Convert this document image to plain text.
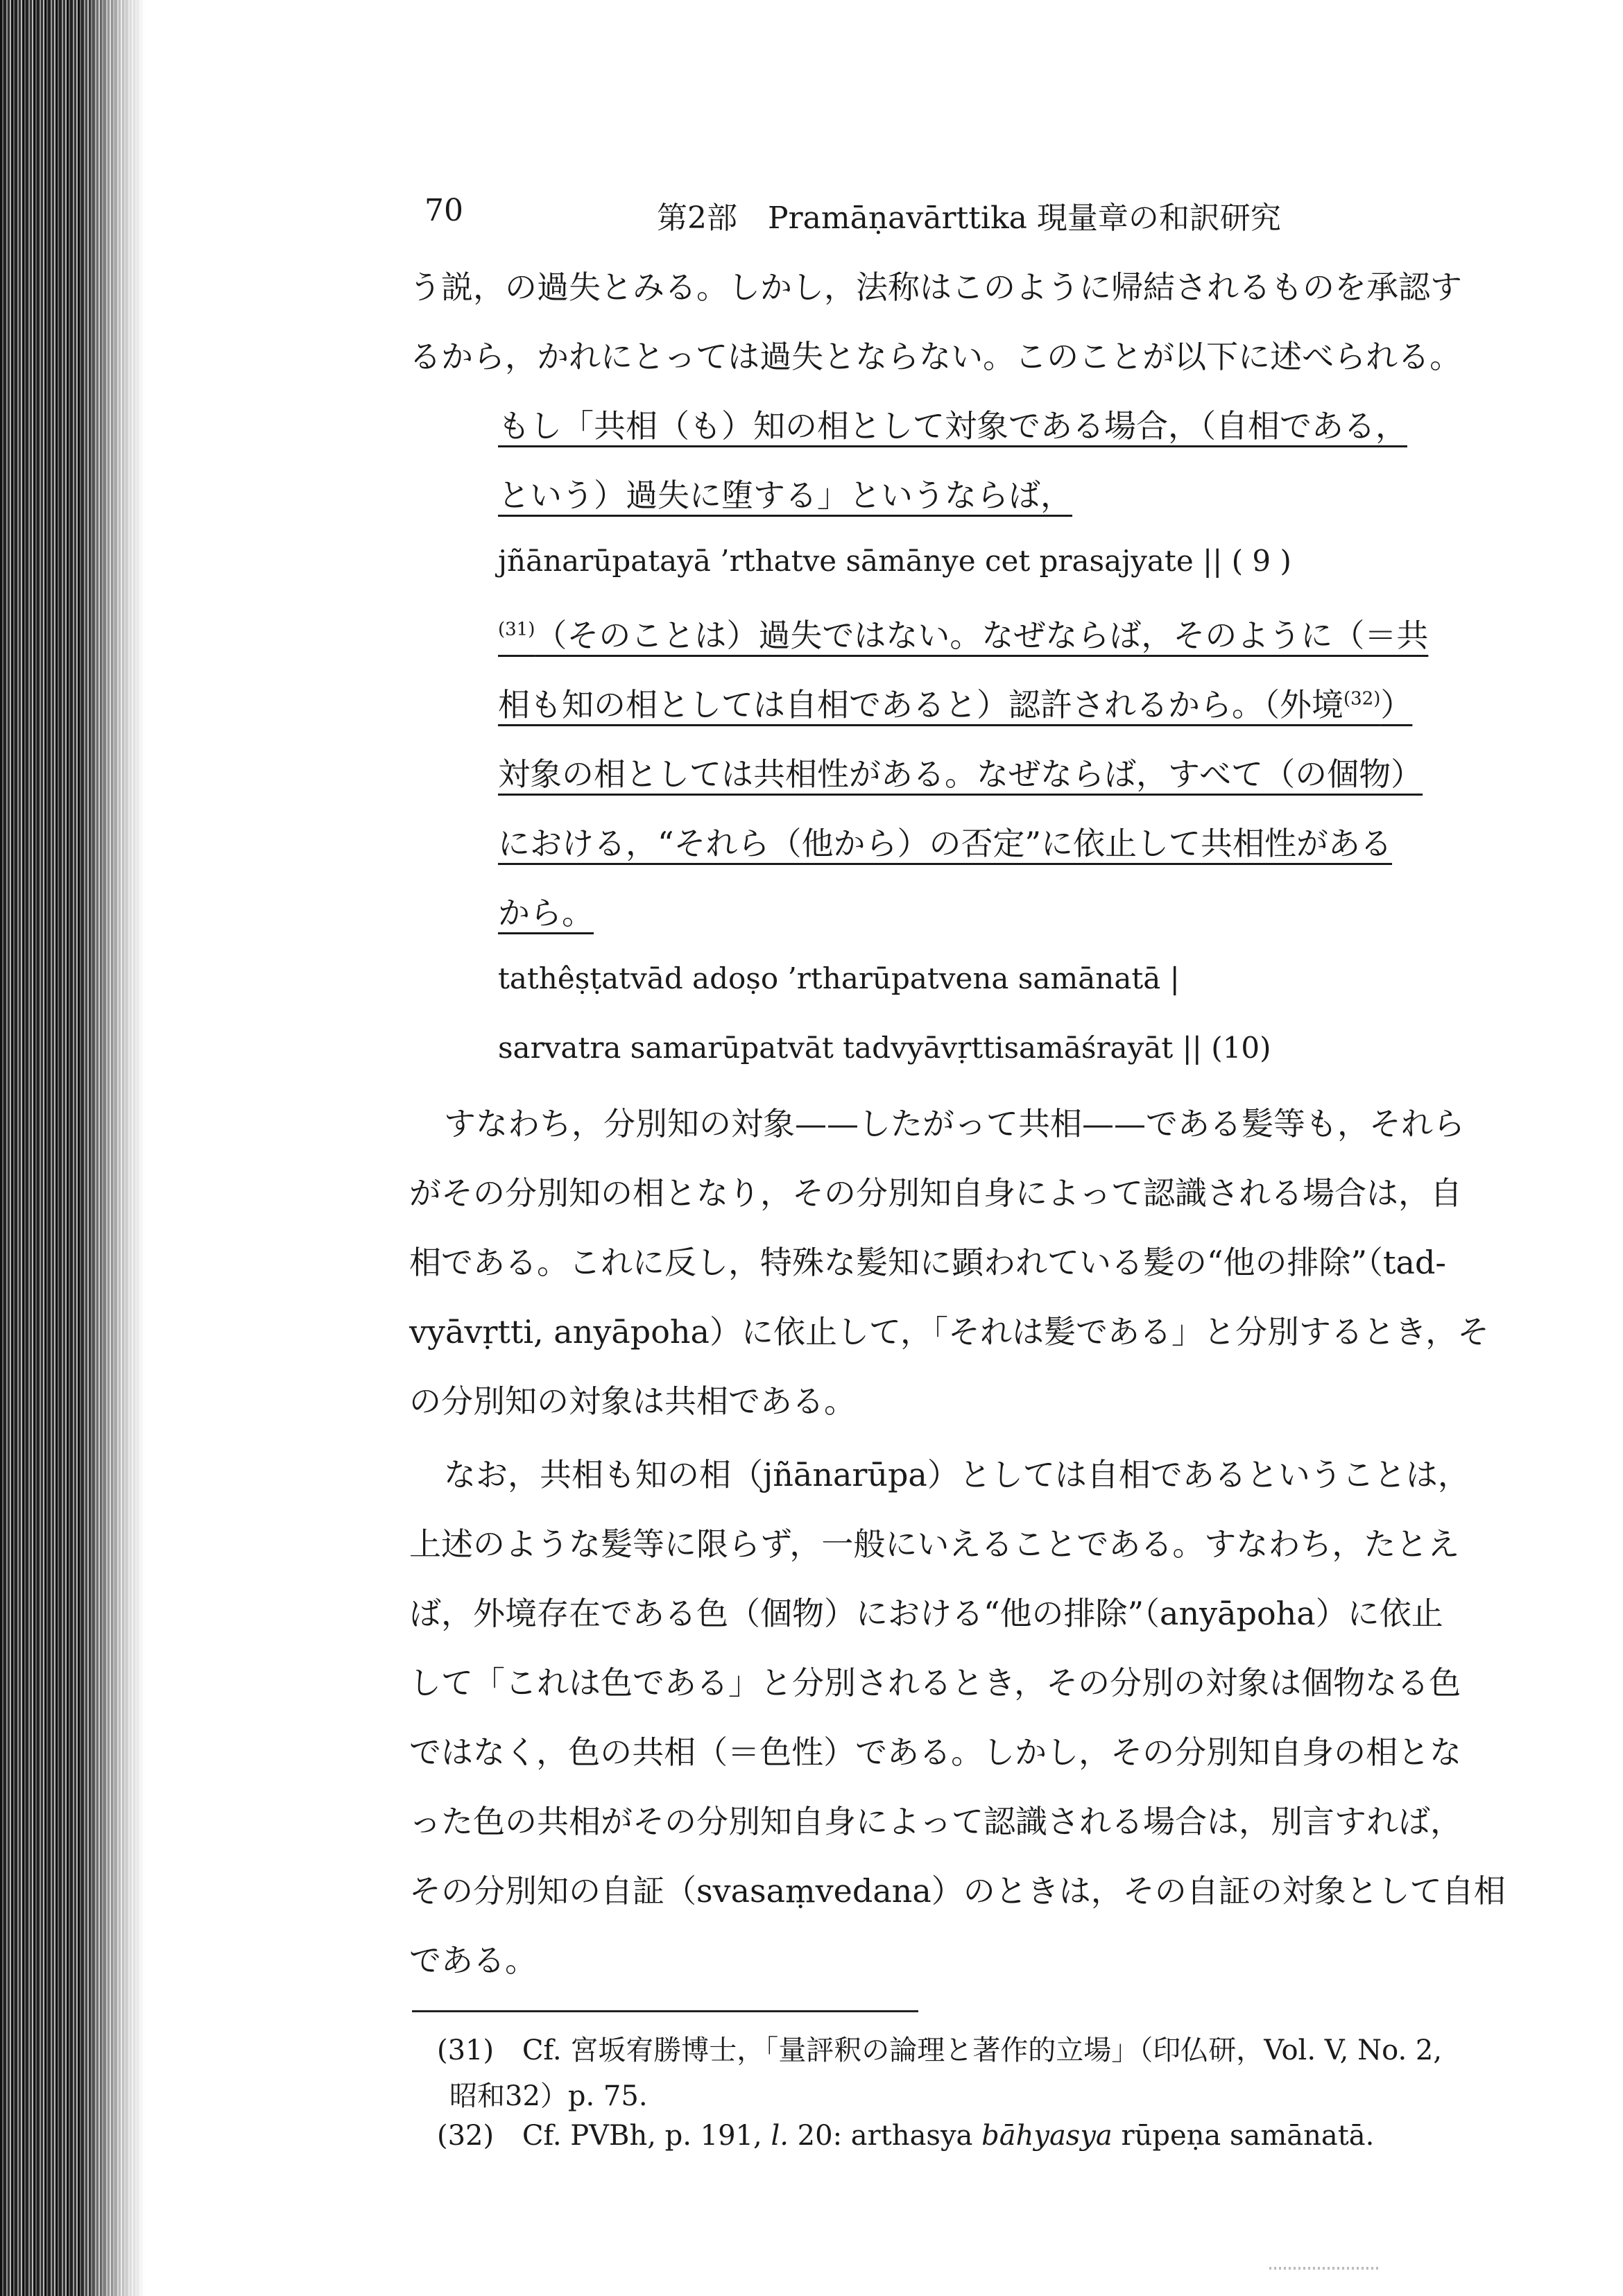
70	第2部　Pramāṇavārttika 現量章の和訳研究
う説，の過失とみる。しかし，法称はこのように帰結されるものを承認す
るから，かれにとっては過失とならない。このことが以下に述べられる。
もし「共相（も）知の相として対象である場合，（自相である，
という）過失に堕する」というならば，
jñānarūpatayā ’rthatve sāmānye cet prasajyate || ( 9 )
$^{(31)}$（そのことは）過失ではない。なぜならば，そのように（＝共
相も知の相としては自相であると）認許されるから。（外境$^{(32)}$）
対象の相としては共相性がある。なぜならば，すべて（の個物）
における，“それら（他から）の否定”に依止して共相性がある
から。
tathêṣṭatvād adoṣo ’rtharūpatvena samānatā |
sarvatra samarūpatvāt tadvyāvṛttisamāśrayāt || (10)
すなわち，分別知の対象——したがって共相——である髪等も，それら
がその分別知の相となり，その分別知自身によって認識される場合は，自
相である。これに反し，特殊な髪知に顕われている髪の“他の排除”（tad-
vyāvṛtti, anyāpoha）に依止して，「それは髪である」と分別するとき，そ
の分別知の対象は共相である。
なお，共相も知の相（jñānarūpa）としては自相であるということは，
上述のような髪等に限らず，一般にいえることである。すなわち，たとえ
ば，外境存在である色（個物）における“他の排除”（anyāpoha）に依止
して「これは色である」と分別されるとき，その分別の対象は個物なる色
ではなく，色の共相（＝色性）である。しかし，その分別知自身の相とな
った色の共相がその分別知自身によって認識される場合は，別言すれば，
その分別知の自証（svasaṃvedana）のときは，その自証の対象として自相
である。
(31) Cf. 宮坂宥勝博士，「量評釈の論理と著作的立場」（印仏研，Vol. V, No. 2,
昭和32）p. 75.
(32) Cf. PVBh, p. 191, l. 20: arthasya bāhyasya rūpeṇa samānatā.
